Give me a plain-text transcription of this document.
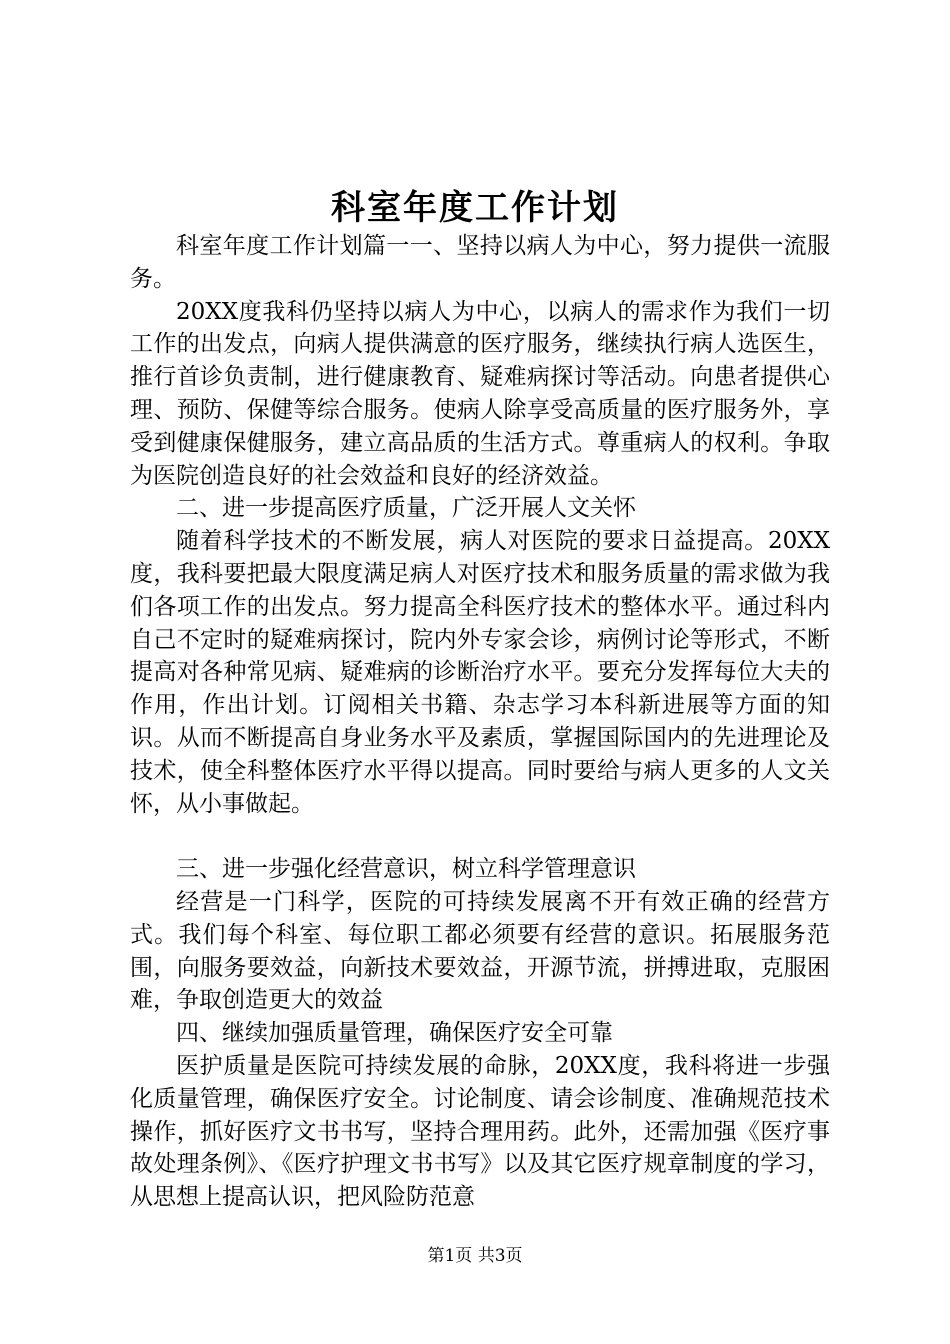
科室年度工作计划

科室年度工作计划篇一一、坚持以病人为中心，努力提供一流服务。

20XX度我科仍坚持以病人为中心，以病人的需求作为我们一切工作的出发点，向病人提供满意的医疗服务，继续执行病人选医生，推行首诊负责制，进行健康教育、疑难病探讨等活动。向患者提供心理、预防、保健等综合服务。使病人除享受高质量的医疗服务外，享受到健康保健服务，建立高品质的生活方式。尊重病人的权利。争取为医院创造良好的社会效益和良好的经济效益。

二、进一步提高医疗质量，广泛开展人文关怀

随着科学技术的不断发展，病人对医院的要求日益提高。20XX度，我科要把最大限度满足病人对医疗技术和服务质量的需求做为我们各项工作的出发点。努力提高全科医疗技术的整体水平。通过科内自己不定时的疑难病探讨，院内外专家会诊，病例讨论等形式，不断提高对各种常见病、疑难病的诊断治疗水平。要充分发挥每位大夫的作用，作出计划。订阅相关书籍、杂志学习本科新进展等方面的知识。从而不断提高自身业务水平及素质，掌握国际国内的先进理论及技术，使全科整体医疗水平得以提高。同时要给与病人更多的人文关怀，从小事做起。

三、进一步强化经营意识，树立科学管理意识

经营是一门科学，医院的可持续发展离不开有效正确的经营方式。我们每个科室、每位职工都必须要有经营的意识。拓展服务范围，向服务要效益，向新技术要效益，开源节流，拼搏进取，克服困难，争取创造更大的效益

四、继续加强质量管理，确保医疗安全可靠

医护质量是医院可持续发展的命脉，20XX度，我科将进一步强化质量管理，确保医疗安全。讨论制度、请会诊制度、准确规范技术操作，抓好医疗文书书写，坚持合理用药。此外，还需加强《医疗事故处理条例》、《医疗护理文书书写》以及其它医疗规章制度的学习，从思想上提高认识，把风险防范意

第1页 共3页
